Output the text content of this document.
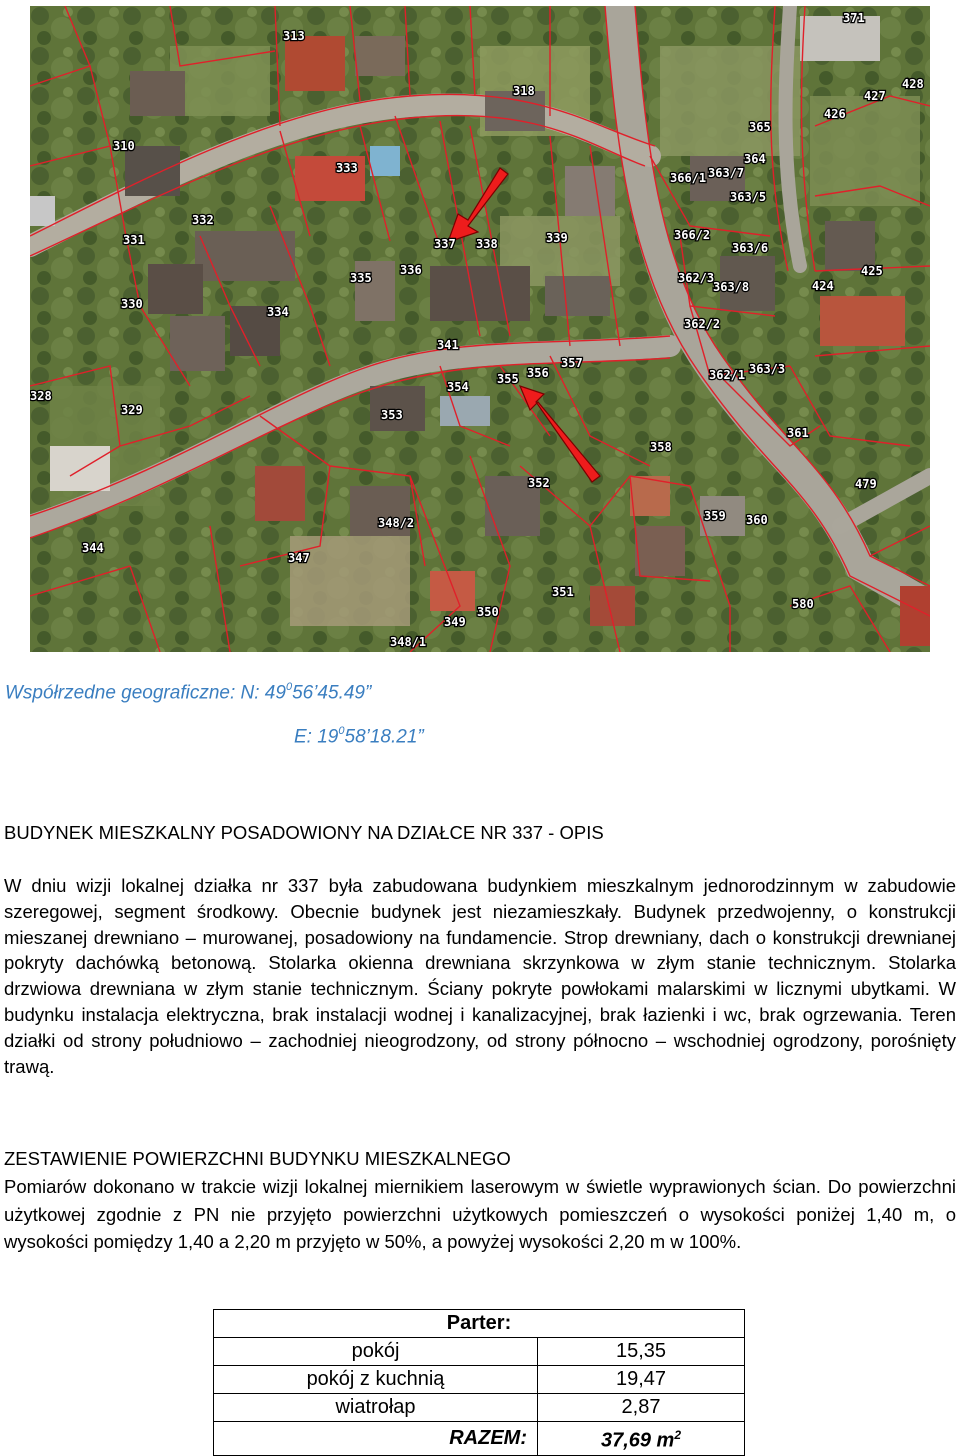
313
318
310
333
332
331	337 338	339
335
336
330
334
341
328
329
354
355 356
357
353
352
348/2
344
347
351
349
350
348/1
371
427
428
426
365
364
366/1 363/7
363/5
366/2
363/6
425
362/3
363/8	424
362/2
362/1 363/3
361
358
479
359 360
580
Współrzedne geograficzne: N: $49^056’45.49$”
E: $19^058’18.21$”
BUDYNEK MIESZKALNY POSADOWIONY NA DZIAŁCE NR 337 - OPIS

W dniu wizji lokalnej działka nr 337 była zabudowana budynkiem mieszkalnym jednorodzinnym w zabudowie szeregowej, segment środkowy. Obecnie budynek jest niezamieszkały. Budynek przedwojenny, o konstrukcji mieszanej drewniano – murowanej, posadowiony na fundamencie. Strop drewniany, dach o konstrukcji drewnianej pokryty dachówką betonową. Stolarka okienna drewniana skrzynkowa w złym stanie technicznym. Stolarka drzwiowa drewniana w złym stanie technicznym. Ściany pokryte powłokami malarskimi w licznymi ubytkami. W budynku instalacja elektryczna, brak instalacji wodnej i kanalizacyjnej, brak łazienki i wc, brak ogrzewania. Teren działki od strony południowo – zachodniej nieogrodzony, od strony północno – wschodniej ogrodzony, porośnięty trawą.

ZESTAWIENIE POWIERZCHNI BUDYNKU MIESZKALNEGO

Pomiarów dokonano w trakcie wizji lokalnej miernikiem laserowym w świetle wyprawionych ścian. Do powierzchni użytkowej zgodnie z PN nie przyjęto powierzchni użytkowych pomieszczeń o wysokości poniżej 1,40 m, o wysokości pomiędzy 1,40 a 2,20 m przyjęto w 50%, a powyżej wysokości 2,20 m w 100%.

Parter:	
pokój	15,35
pokój z kuchnią	19,47
wiatrołap	2,87
RAZEM:	37,69 $m^2$
